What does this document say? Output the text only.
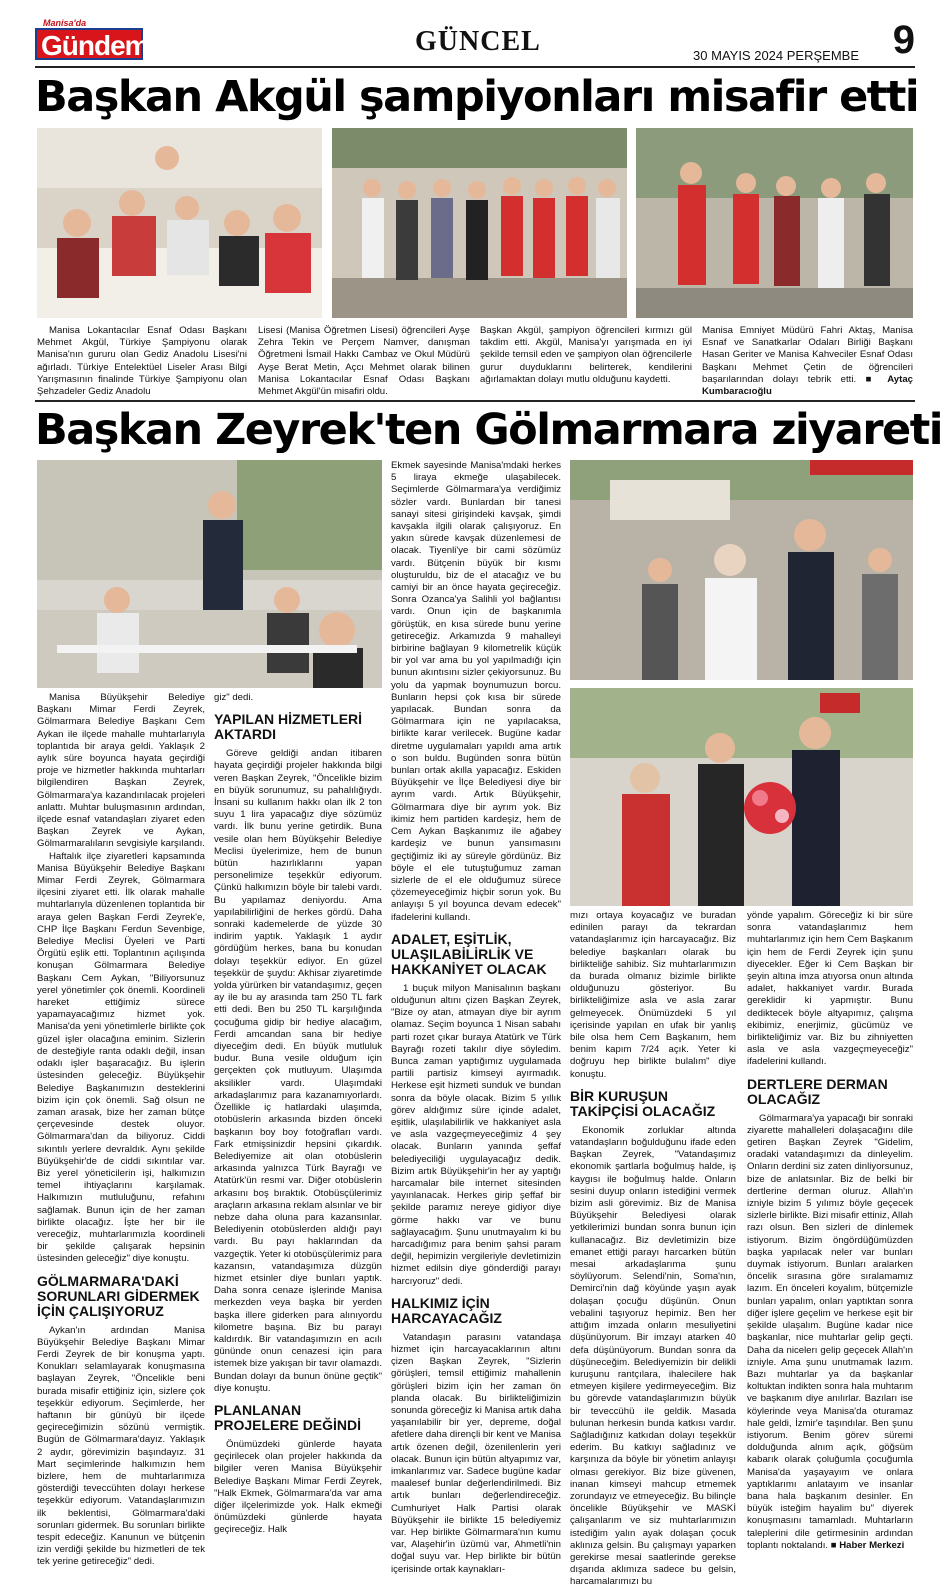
Manisa'da
Gündem	GÜNCEL	30 MAYIS 2024 PERŞEMBE 9
Başkan Akgül şampiyonları misafir etti
Manisa Lokantacılar Esnaf Odası Başkanı Mehmet Akgül, Türkiye Şampiyonu olarak Manisa'nın gururu olan Gediz Anadolu Lisesi'ni ağırladı. Türkiye Entelektüel Liseler Arası Bilgi Yarışmasının finalinde Türkiye Şampiyonu olan Şehzadeler Gediz Anadolu
Lisesi (Manisa Öğretmen Lisesi) öğrencileri Ayşe Zehra Tekin ve Perçem Namver, danışman Öğretmeni İsmail Hakkı Cambaz ve Okul Müdürü Ayşe Berat Metin, Açcı Mehmet olarak bilinen Manisa Lokantacılar Esnaf Odası Başkanı Mehmet Akgül'ün misafiri oldu.
Başkan Akgül, şampiyon öğrencileri kırmızı gül takdim etti. Akgül, Manisa'yı yarışmada en iyi şekilde temsil eden ve şampiyon olan öğrencilerle gurur duyduklarını belirterek, kendilerini ağırlamaktan dolayı mutlu olduğunu kaydetti.
Manisa Emniyet Müdürü Fahri Aktaş, Manisa Esnaf ve Sanatkarlar Odaları Birliği Başkanı Hasan Geriter ve Manisa Kahveciler Esnaf Odası Başkanı Mehmet Çetin de öğrencileri başarılarından dolayı tebrik etti. ■ Aytaç Kumbaracıoğlu
Başkan Zeyrek'ten Gölmarmara ziyareti

Manisa Büyükşehir Belediye Başkanı Mimar Ferdi Zeyrek, Gölmarmara Belediye Başkanı Cem Aykan ile ilçede mahalle muhtarlarıyla toplantıda bir araya geldi. Yaklaşık 2 aylık süre boyunca hayata geçirdiği proje ve hizmetler hakkında muhtarları bilgilendiren Başkan Zeyrek, Gölmarmara'ya kazandırılacak projeleri anlattı. Muhtar buluşmasının ardından, ilçede esnaf vatandaşları ziyaret eden Başkan Zeyrek ve Aykan, Gölmarmaralıların sevgisiyle karşılandı.

Haftalık ilçe ziyaretleri kapsamında Manisa Büyükşehir Belediye Başkanı Mimar Ferdi Zeyrek, Gölmarmara ilçesini ziyaret etti. İlk olarak mahalle muhtarlarıyla düzenlenen toplantıda bir araya gelen Başkan Ferdi Zeyrek'e, CHP İlçe Başkanı Ferdun Sevenbige, Belediye Meclisi Üyeleri ve Parti Örgütü eşlik etti. Toplantının açılışında konuşan Gölmarmara Belediye Başkanı Cem Aykan, "Biliyorsunuz yerel yönetimler çok önemli. Koordineli hareket ettiğimiz sürece yapamayacağımız hizmet yok. Manisa'da yeni yönetimlerle birlikte çok güzel işler olacağına eminim. Sizlerin de desteğiyle ranta odaklı değil, insan odaklı işler başaracağız. Bu işlerin üstesinden geleceğiz. Büyükşehir Belediye Başkanımızın desteklerini bizim için çok önemli. Sağ olsun ne zaman arasak, bize her zaman bütçe çerçevesinde destek oluyor. Gölmarmara'dan da biliyoruz. Ciddi sıkıntılı yerlere devraldık. Aynı şekilde Büyükşehir'de de ciddi sıkıntılar var. Biz yerel yöneticilerin işi, halkımızın temel ihtiyaçlarını karşılamak. Halkımızın mutluluğunu, refahını sağlamak. Bunun için de her zaman birlikte olacağız. İşte her bir ile vereceğiz, muhtarlarımızla koordineli bir şekilde çalışarak hepsinin üstesinden geleceğiz" diye konuştu.

GÖLMARMARA'DAKİ SORUNLARI GİDERMEK İÇİN ÇALIŞIYORUZ

Aykan'ın ardından Manisa Büyükşehir Belediye Başkanı Mimar Ferdi Zeyrek de bir konuşma yaptı. Konukları selamlayarak konuşmasına başlayan Zeyrek, "Öncelikle beni burada misafir ettiğiniz için, sizlere çok teşekkür ediyorum. Seçimlerde, her haftanın bir günüyü bir ilçede geçireceğimizin sözünü vermiştik. Bugün de Gölmarmara'dayız. Yaklaşık 2 aydır, görevimizin başındayız. 31 Mart seçimlerinde halkımızın hem bizlere, hem de muhtarlarımıza gösterdiği teveccühten dolayı herkese teşekkür ediyorum. Vatandaşlarımızın ilk beklentisi, Gölmarmara'daki sorunları gidermek. Bu sorunları birlikte tespit edeceğiz. Kanunun ve bütçenin izin verdiği şekilde bu hizmetleri de tek tek yerine getireceğiz" dedi.

giz" dedi.

YAPILAN HİZMETLERİ AKTARDI

Göreve geldiği andan itibaren hayata geçirdiği projeler hakkında bilgi veren Başkan Zeyrek, "Öncelikle bizim en büyük sorunumuz, su pahalılığıydı. İnsani su kullanım hakkı olan ilk 2 ton suyu 1 lira yapacağız diye sözümüz vardı. İlk bunu yerine getirdik. Buna vesile olan hem Büyükşehir Belediye Meclisi üyelerimize, hem de bunun bütün hazırlıklarını yapan personelimize teşekkür ediyorum. Çünkü halkımızın böyle bir talebi vardı. Bu yapılamaz deniyordu. Ama yapılabilirliğini de herkes gördü. Daha sonraki kademelerde de yüzde 30 indirim yaptık. Yaklaşık 1 aydır gördüğüm herkes, bana bu konudan dolayı teşekkür ediyor. En güzel teşekkür de şuydu: Akhisar ziyaretimde yolda yürürken bir vatandaşımız, geçen ay ile bu ay arasında tam 250 TL fark etti dedi. Ben bu 250 TL karşılığında çocuğuma gidip bir hediye alacağım, Ferdi amcandan sana bir hediye diyeceğim dedi. En büyük mutluluk budur. Buna vesile olduğum için gerçekten çok mutluyum. Ulaşımda aksilikler vardı. Ulaşımdaki arkadaşlarımız para kazanamıyorlardı. Özellikle iç hatlardaki ulaşımda, otobüslerin arkasında bizden önceki başkanın boy boy fotoğrafları vardı. Fark etmişsinizdir hepsini çıkardık. Belediyemize ait olan otobüslerin arkasında yalnızca Türk Bayrağı ve Atatürk'ün resmi var. Diğer otobüslerin arkasını boş bıraktık. Otobüsçülerimiz araçların arkasına reklam alsınlar ve bir nebze daha oluna para kazansınlar. Belediyenin otobüslerden aldığı payı vardı. Bu payı haklarından da vazgeçtik. Yeter ki otobüsçülerimiz para kazansın, vatandaşımıza düzgün hizmet etsinler diye bunları yaptık. Daha sonra cenaze işlerinde Manisa merkezden veya başka bir yerden başka illere giderken para alınıyordu kilometre başına. Biz bu parayı kaldırdık. Bir vatandaşımızın en acılı gününde onun cenazesi için para istemek bize yakışan bir tavır olamazdı. Bundan dolayı da bunun önüne geçtik" diye konuştu.

PLANLANAN PROJELERE DEĞİNDİ

Önümüzdeki günlerde hayata geçirilecek olan projeler hakkında da bilgiler veren Manisa Büyükşehir Belediye Başkanı Mimar Ferdi Zeyrek, "Halk Ekmek, Gölmarmara'da var ama diğer ilçelerimizde yok. Halk ekmeği önümüzdeki günlerde hayata geçireceğiz. Halk

Ekmek sayesinde Manisa'mdaki herkes 5 liraya ekmeğe ulaşabilecek. Seçimlerde Gölmarmara'ya verdiğimiz sözler vardı. Bunlardan bir tanesi sanayi sitesi girişindeki kavşak, şimdi kavşakla ilgili olarak çalışıyoruz. En yakın sürede kavşak düzenlemesi de olacak. Tiyenli'ye bir cami sözümüz vardı. Bütçenin büyük bir kısmı oluşturuldu, biz de el atacağız ve bu camiyi bir an önce hayata geçireceğiz. Sonra Ozanca'ya Salihli yol bağlantısı vardı. Onun için de başkanımla görüştük, en kısa sürede bunu yerine getireceğiz. Arkamızda 9 mahalleyi birbirine bağlayan 9 kilometrelik küçük bir yol var ama bu yol yapılmadığı için bunun akıntısını sizler çekiyorsunuz. Bu yolu da yapmak boynumuzun borcu. Bunların hepsi çok kısa bir sürede yapılacak. Bundan sonra da Gölmarmara için ne yapılacaksa, birlikte karar verilecek. Bugüne kadar diretme uygulamaları yapıldı ama artık o son buldu. Bugünden sonra bütün bunları ortak akılla yapacağız. Eskiden Büyükşehir ve İlçe Belediyesi diye bir ayrım vardı. Artık Büyükşehir, Gölmarmara diye bir ayrım yok. Biz ikimiz hem partiden kardeşiz, hem de Cem Aykan Başkanımız ile ağabey kardeşiz ve bunun yansımasını geçtiğimiz iki ay süreyle gördünüz. Biz böyle el ele tutuştuğumuz zaman sizlerle de el ele olduğumuz sürece çözemeyeceğimiz hiçbir sorun yok. Bu anlayışı 5 yıl boyunca devam edecek" ifadelerini kullandı.

ADALET, EŞİTLİK, ULAŞILABİLİRLİK VE HAKKANİYET OLACAK

1 buçuk milyon Manisalının başkanı olduğunun altını çizen Başkan Zeyrek, "Bize oy atan, atmayan diye bir ayrım olamaz. Seçim boyunca 1 Nisan sabahı parti rozet çıkar buraya Atatürk ve Türk Bayrağı rozeti takılır diye söyledim. Bunca zaman yaptığımız uygulamada partili partisiz kimseyi ayırmadık. Herkese eşit hizmeti sunduk ve bundan sonra da böyle olacak. Bizim 5 yıllık görev aldığımız süre içinde adalet, eşitlik, ulaşılabilirlik ve hakkaniyet asla ve asla vazgeçmeyeceğimiz 4 şey olacak. Bunların yanında şeffaf belediyeciliği uygulayacağız dedik. Bizim artık Büyükşehir'in her ay yaptığı harcamalar bile internet sitesinden yayınlanacak. Herkes girip şeffaf bir şekilde paramız nereye gidiyor diye görme hakkı var ve bunu sağlayacağım. Şunu unutmayalım ki bu harcadığımız para benim şahsi param değil, hepimizin vergileriyle devletimizin hizmet edilsin diye gönderdiği parayı harcıyoruz" dedi.

HALKIMIZ İÇİN HARCAYACAĞIZ

Vatandaşın parasını vatandaşa hizmet için harcayacaklarının altını çizen Başkan Zeyrek, "Sizlerin görüşleri, temsil ettiğimiz mahallenin görüşleri bizim için her zaman ön planda olacak. Bu birlikteliğimizin sonunda göreceğiz ki Manisa artık daha yaşanılabilir bir yer, depreme, doğal afetlere daha dirençli bir kent ve Manisa artık özenen değil, özenilenlerin yeri olacak. Bunun için bütün altyapımız var, imkanlarımız var. Sadece bugüne kadar maalesef bunlar değerlendirilmedi. Biz artık bunları değerlendireceğiz. Cumhuriyet Halk Partisi olarak Büyükşehir ile birlikte 15 belediyemiz var. Hep birlikte Gölmarmara'nın kumu var, Alaşehir'in üzümü var, Ahmetli'nin doğal suyu var. Hep birlikte bir bütün içerisinde ortak kaynakları-

mızı ortaya koyacağız ve buradan edinilen parayı da tekrardan vatandaşlarımız için harcayacağız. Biz belediye başkanları olarak bu birlikteliğe sahibiz. Siz muhtarlarımızın da burada olmanız bizimle birlikte olduğunuzu gösteriyor. Bu birlikteliğimize asla ve asla zarar gelmeyecek. Önümüzdeki 5 yıl içerisinde yapılan en ufak bir yanlış bile olsa hem Cem Başkanım, hem benim kapım 7/24 açık. Yeter ki doğruyu hep birlikte bulalım" diye konuştu.

BİR KURUŞUN TAKİPÇİSİ OLACAĞIZ

Ekonomik zorluklar altında vatandaşların boğulduğunu ifade eden Başkan Zeyrek, "Vatandaşımız ekonomik şartlarla boğulmuş halde, iş kaygısı ile boğulmuş halde. Onların sesini duyup onların istediğini vermek bizim asli görevimiz. Biz de Manisa Büyükşehir Belediyesi olarak yetkilerimizi bundan sonra bunun için kullanacağız. Biz devletimizin bize emanet ettiği parayı harcarken bütün mesai arkadaşlarıma şunu söylüyorum. Selendi'nin, Soma'nın, Demirci'nin dağ köyünde yaşın ayak dolaşan çocuğu düşünün. Onun vebalini taşıyoruz hepimiz. Ben her attığım imzada onların mesuliyetini düşünüyorum. Bir imzayı atarken 40 defa düşünüyorum. Bundan sonra da düşüneceğim. Belediyemizin bir delikli kuruşunu rantçılara, ihalecilere hak etmeyen kişilere yedirmeyeceğim. Biz bu görevde vatandaşlarımızın büyük bir teveccühü ile geldik. Masada bulunan herkesin bunda katkısı vardır. Sağladığınız katkıdan dolayı teşekkür ederim. Bu katkıyı sağladınız ve karşınıza da böyle bir yönetim anlayışı olması gerekiyor. Biz bize güvenen, inanan kimseyi mahcup etmemek zorundayız ve etmeyeceğiz. Bu bilinçle öncelikle Büyükşehir ve MASKİ çalışanlarım ve siz muhtarlarımızın istediğim yalın ayak dolaşan çocuk aklınıza gelsin. Bu çalışmayı yaparken gerekirse mesai saatlerinde gerekse dışarıda aklımıza sadece bu gelsin, harcamalarımızı bu

yönde yapalım. Göreceğiz ki bir süre sonra vatandaşlarımız hem muhtarlarımız için hem Cem Başkanım için hem de Ferdi Zeyrek için şunu diyecekler. Eğer ki Cem Başkan bir şeyin altına imza atıyorsa onun altında adalet, hakkaniyet vardır. Burada gereklidir ki yapmıştır. Bunu dediktecek böyle altyapımız, çalışma ekibimiz, enerjimiz, gücümüz ve birlikteliğimiz var. Biz bu zihniyetten asla ve asla vazgeçmeyeceğiz" ifadelerini kullandı.

DERTLERE DERMAN OLACAĞIZ

Gölmarmara'ya yapacağı bir sonraki ziyarette mahalleleri dolaşacağını dile getiren Başkan Zeyrek "Gidelim, oradaki vatandaşımızı da dinleyelim. Onların derdini siz zaten dinliyorsunuz, bize de anlatsınlar. Biz de belki bir dertlerine derman oluruz. Allah'ın izniyle bizim 5 yılımız böyle geçecek sizlerle birlikte. Bizi misafir ettiniz, Allah razı olsun. Ben sizleri de dinlemek istiyorum. Bizim öngördüğümüzden başka yapılacak neler var bunları duymak istiyorum. Bunları aralarken öncelik sırasına göre sıralamamız lazım. En önceleri koyalım, bütçemizle bunları yapalım, onları yaptıktan sonra diğer işlere geçelim ve herkese eşit bir şekilde ulaşalım. Bugüne kadar nice başkanlar, nice muhtarlar gelip geçti. Daha da nicelerı gelip geçecek Allah'ın izniyle. Ama şunu unutmamak lazım. Bazı muhtarlar ya da başkanlar koltuktan indikten sonra hala muhtarım ve başkanım diye anılırlar. Bazıları ise köylerinde veya Manisa'da oturamaz hale geldi, İzmir'e taşındılar. Ben şunu istiyorum. Benim görev süremi dolduğunda alnım açık, göğsüm kabarık olarak çoluğumla çocuğumla Manisa'da yaşayayım ve onlara yaptıklarımı anlatayım ve insanlar bana hala başkanım desinler. En büyük isteğim hayalim bu" diyerek konuşmasını tamamladı. Muhtarların taleplerini dile getirmesinin ardından toplantı noktalandı. ■ Haber Merkezi
